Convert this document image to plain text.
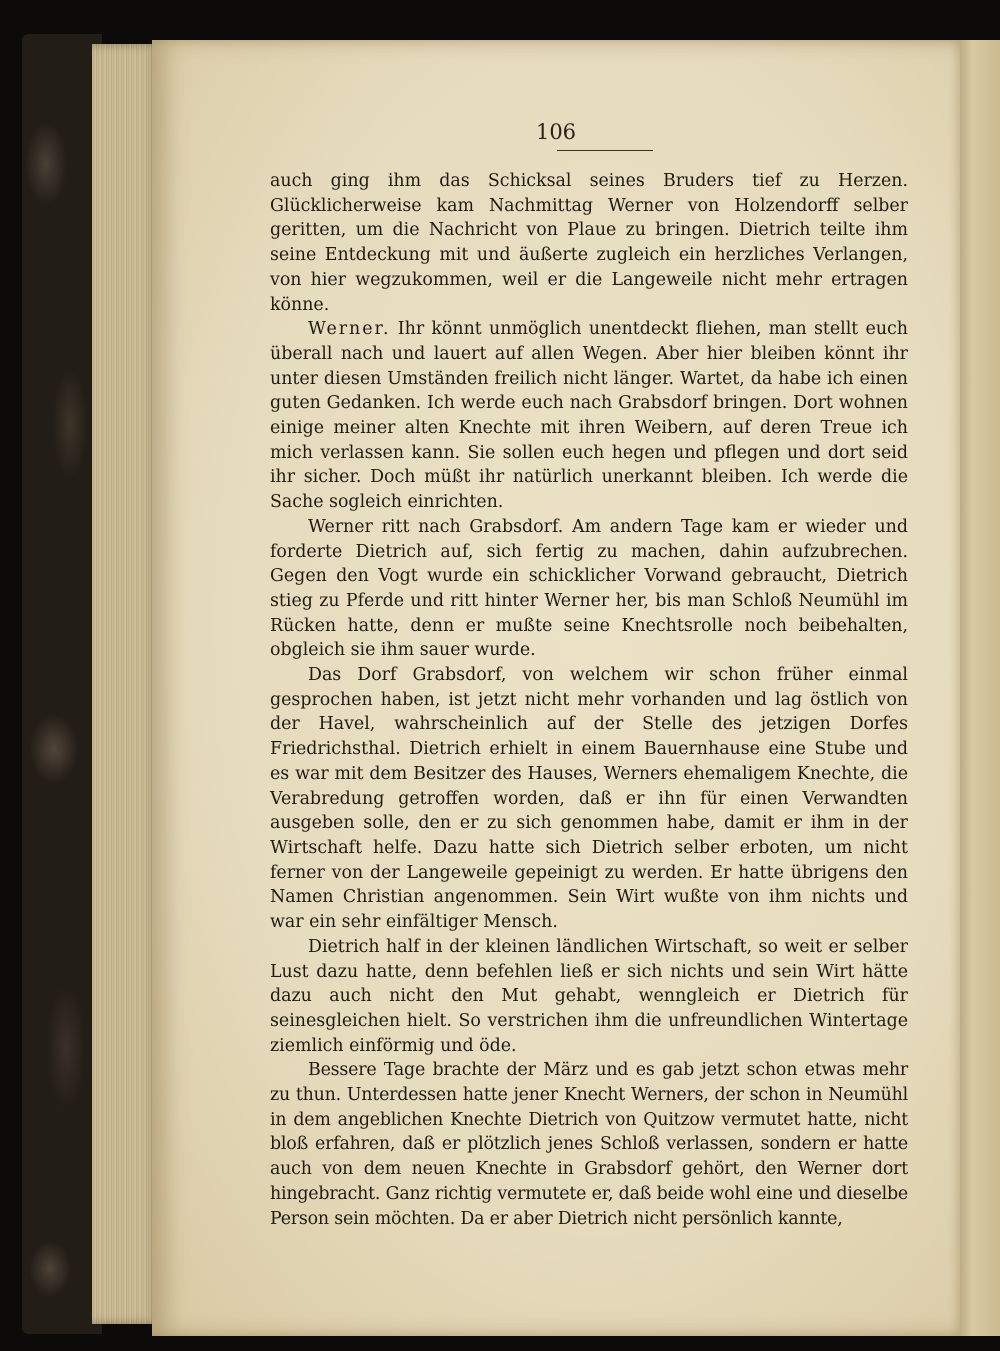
106

auch ging ihm das Schicksal seines Bruders tief zu Herzen. Glücklicherweise kam Nachmittag Werner von Holzendorff selber geritten, um die Nachricht von Plaue zu bringen. Dietrich teilte ihm seine Entdeckung mit und äußerte zugleich ein herzliches Verlangen, von hier wegzukommen, weil er die Langeweile nicht mehr ertragen könne.

Werner. Ihr könnt unmöglich unentdeckt fliehen, man stellt euch überall nach und lauert auf allen Wegen. Aber hier bleiben könnt ihr unter diesen Umständen freilich nicht länger. Wartet, da habe ich einen guten Gedanken. Ich werde euch nach Grabsdorf bringen. Dort wohnen einige meiner alten Knechte mit ihren Weibern, auf deren Treue ich mich verlassen kann. Sie sollen euch hegen und pflegen und dort seid ihr sicher. Doch müßt ihr natürlich unerkannt bleiben. Ich werde die Sache sogleich einrichten.

Werner ritt nach Grabsdorf. Am andern Tage kam er wieder und forderte Dietrich auf, sich fertig zu machen, dahin aufzubrechen. Gegen den Vogt wurde ein schicklicher Vorwand gebraucht, Dietrich stieg zu Pferde und ritt hinter Werner her, bis man Schloß Neumühl im Rücken hatte, denn er mußte seine Knechtsrolle noch beibehalten, obgleich sie ihm sauer wurde.

Das Dorf Grabsdorf, von welchem wir schon früher einmal gesprochen haben, ist jetzt nicht mehr vorhanden und lag östlich von der Havel, wahrscheinlich auf der Stelle des jetzigen Dorfes Friedrichsthal. Dietrich erhielt in einem Bauernhause eine Stube und es war mit dem Besitzer des Hauses, Werners ehemaligem Knechte, die Verabredung getroffen worden, daß er ihn für einen Verwandten ausgeben solle, den er zu sich genommen habe, damit er ihm in der Wirtschaft helfe. Dazu hatte sich Dietrich selber erboten, um nicht ferner von der Langeweile gepeinigt zu werden. Er hatte übrigens den Namen Christian angenommen. Sein Wirt wußte von ihm nichts und war ein sehr einfältiger Mensch.

Dietrich half in der kleinen ländlichen Wirtschaft, so weit er selber Lust dazu hatte, denn befehlen ließ er sich nichts und sein Wirt hätte dazu auch nicht den Mut gehabt, wenngleich er Dietrich für seinesgleichen hielt. So verstrichen ihm die unfreundlichen Wintertage ziemlich einförmig und öde.

Bessere Tage brachte der März und es gab jetzt schon etwas mehr zu thun. Unterdessen hatte jener Knecht Werners, der schon in Neumühl in dem angeblichen Knechte Dietrich von Quitzow vermutet hatte, nicht bloß erfahren, daß er plötzlich jenes Schloß verlassen, sondern er hatte auch von dem neuen Knechte in Grabsdorf gehört, den Werner dort hingebracht. Ganz richtig vermutete er, daß beide wohl eine und dieselbe Person sein möchten. Da er aber Dietrich nicht persönlich kannte,
